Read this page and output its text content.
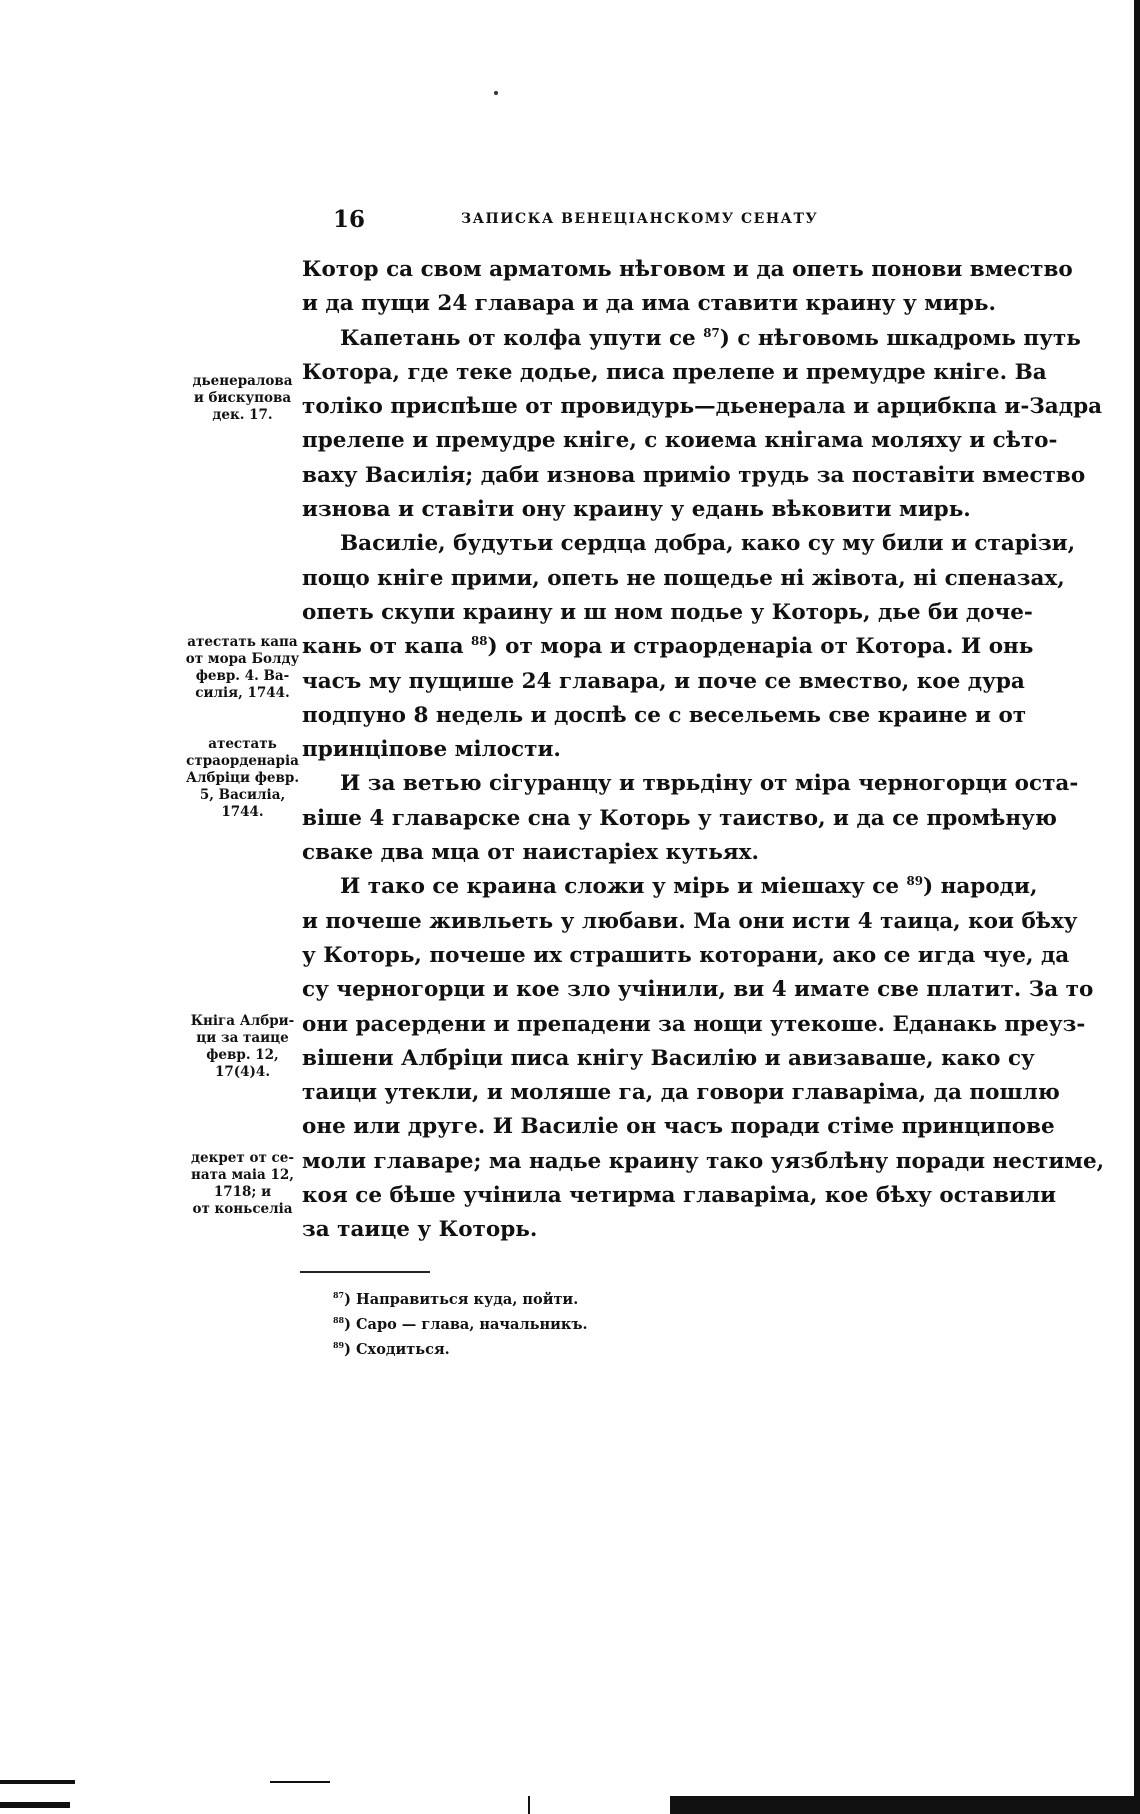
16	ЗАПИСКА ВЕНЕЦIАНСКОМУ СЕНАТУ
Котор са свом арматомь нѣговом и да опеть понови вмество
и да пущи 24 главара и да има ставити краину у мирь.
Капетань от колфа упути се $^{87}$) с нѣговомь шкадромь путь
Котора, где теке додье, писа прелепе и премудре кніге. Ва
толіко приспѣше от провидурь—дьенерала и арцибкпа и-Задра
прелепе и премудре кніге, с коиема кнігама моляху и сѣто-
ваху Василія; даби изнова приміо трудь за поставіти вмество
изнова и ставіти ону краину у едань вѣковити мирь.
Василіе, будутьи сердца добра, како су му били и старізи,
пощо кніге прими, опеть не пощедье ні жівота, ні спеназах,
опеть скупи краину и ш ном подье у Которь, дье би доче-
кань от капа $^{88}$) от мора и страорденаріа от Котора. И онь
часъ му пущише 24 главара, и поче се вмество, кое дура
подпуно 8 недель и доспѣ се с весельемь све краине и от
принціпове мілости.
И за ветью сігуранцу и тврьдіну от міра черногорци оста-
віше 4 главарске сна у Которь у таиство, и да се промѣную
сваке два мца от наистаріех кутьях.
И тако се краина сложи у мірь и міешаху се $^{89}$) народи,
и почеше живльеть у любави. Ма они исти 4 таица, кои бѣху
у Которь, почеше их страшить которани, ако се игда чуе, да
су черногорци и кое зло учінили, ви 4 имате све платит. За то
они расердени и препадени за нощи утекоше. Еданакь преуз-
вішени Албріци писа кнігу Василію и авизаваше, како су
таици утекли, и моляше га, да говори главаріма, да пошлю
оне или друге. И Василіе он часъ поради стіме принципове
моли главаре; ма надье краину тако уязблѣну поради нестиме,
коя се бѣше учінила четирма главаріма, кое бѣху оставили
за таице у Которь.
дьенералова
и бискупова
дек. 17.
атестать капа
от мора Болду
февр. 4. Ва-
силія, 1744.
атестать
страорденаріа
Албріци февр.
5, Василіа,
1744.
Кніга Албри-
ци за таице
февр. 12,
17(4)4.
декрет от се-
ната маіа 12,
1718; и
от коньселіа
$^{87}$) Направиться куда, пойти.
$^{88}$) Саро — глава, начальникъ.
$^{89}$) Сходиться.
